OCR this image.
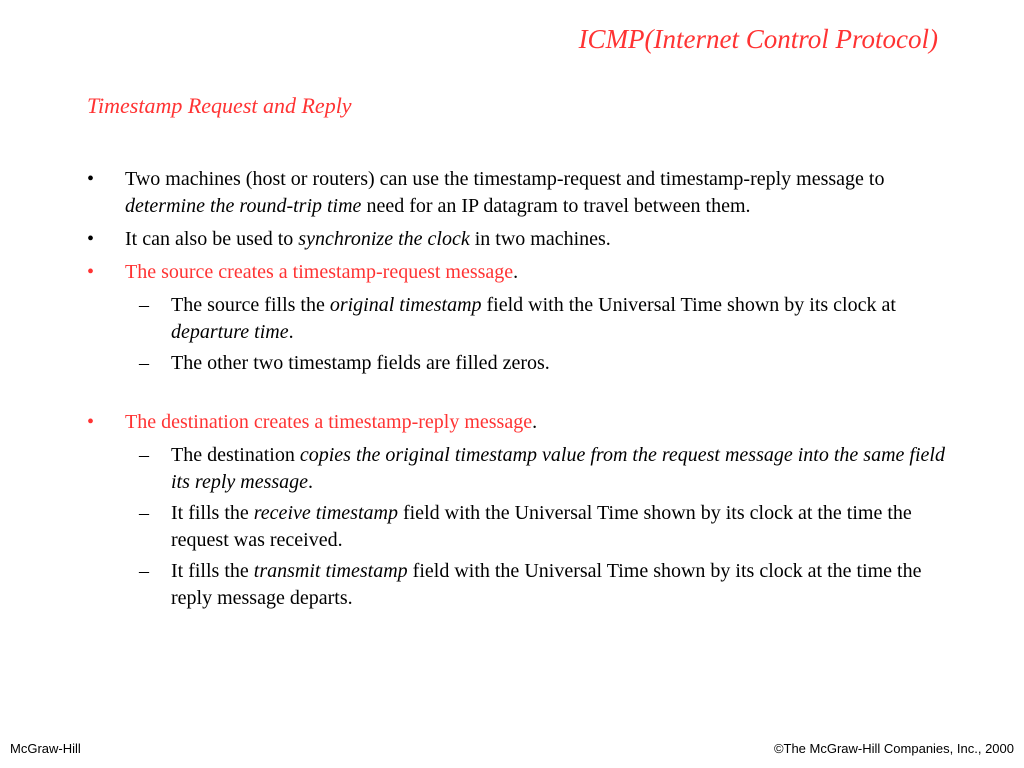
ICMP(Internet Control Protocol)
Timestamp Request and Reply
• Two machines (host or routers) can use the timestamp-request and timestamp-reply message to determine the round-trip time need for an IP datagram to travel between them.
• It can also be used to synchronize the clock in two machines.
• The source creates a timestamp-request message.
– The source fills the original timestamp field with the Universal Time shown by its clock at departure time.
– The other two timestamp fields are filled zeros.
• The destination creates a timestamp-reply message.
– The destination copies the original timestamp value from the request message into the same field its reply message.
– It fills the receive timestamp field with the Universal Time shown by its clock at the time the request was received.
– It fills the transmit timestamp field with the Universal Time shown by its clock at the time the reply message departs.
McGraw-Hill	©The McGraw-Hill Companies, Inc., 2000
